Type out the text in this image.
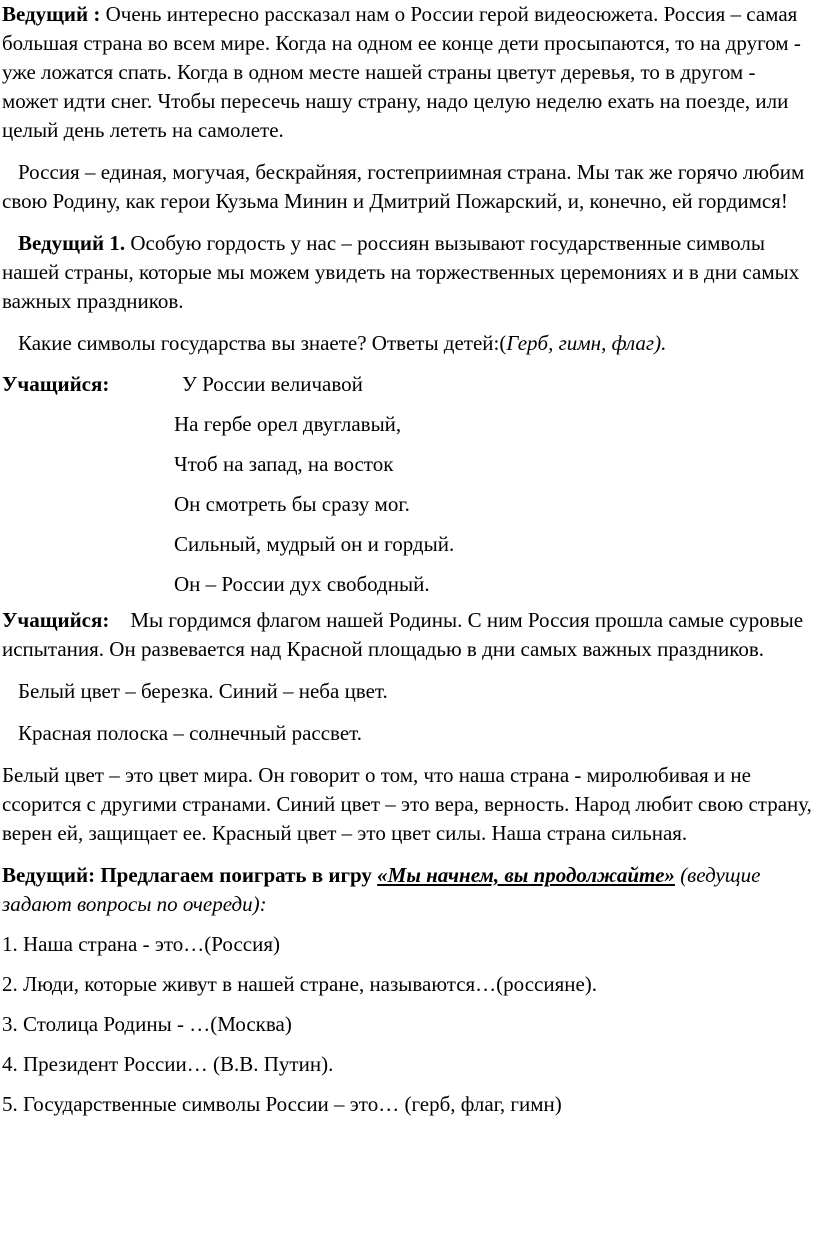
Ведущий : Очень интересно рассказал нам о России герой видеосюжета. Россия – самая большая страна во всем мире. Когда на одном ее конце дети просыпаются, то на другом - уже ложатся спать. Когда в одном месте нашей страны цветут деревья, то в другом - может идти снег. Чтобы пересечь нашу страну, надо целую неделю ехать на поезде, или целый день лететь на самолете.

Россия – единая, могучая, бескрайняя, гостеприимная страна. Мы так же горячо любим свою Родину, как герои Кузьма Минин и Дмитрий Пожарский, и, конечно, ей гордимся!

Ведущий 1. Особую гордость у нас – россиян вызывают государственные символы нашей страны, которые мы можем увидеть на торжественных церемониях и в дни самых важных праздников.

Какие символы государства вы знаете? Ответы детей:(Герб, гимн, флаг).

Учащийся:	У России величавой
На гербе орел двуглавый,
Чтоб на запад, на восток
Он смотреть бы сразу мог.
Сильный, мудрый он и гордый.
Он – России дух свободный.

Учащийся:    Мы гордимся флагом нашей Родины. С ним Россия прошла самые суровые испытания. Он развевается над Красной площадью в дни самых важных праздников.

Белый цвет – березка. Синий – неба цвет.

Красная полоска – солнечный рассвет.

Белый цвет – это цвет мира. Он говорит о том, что наша страна - миролюбивая и не ссорится с другими странами. Синий цвет – это вера, верность. Народ любит свою страну, верен ей, защищает ее. Красный цвет – это цвет силы. Наша страна сильная.

Ведущий: Предлагаем поиграть в игру «Мы начнем, вы продолжайте» (ведущие задают вопросы по очереди):

1. Наша страна - это…(Россия)

2. Люди, которые живут в нашей стране, называются…(россияне).

3. Столица Родины - …(Москва)

4. Президент России… (В.В. Путин).

5. Государственные символы России – это… (герб, флаг, гимн)
